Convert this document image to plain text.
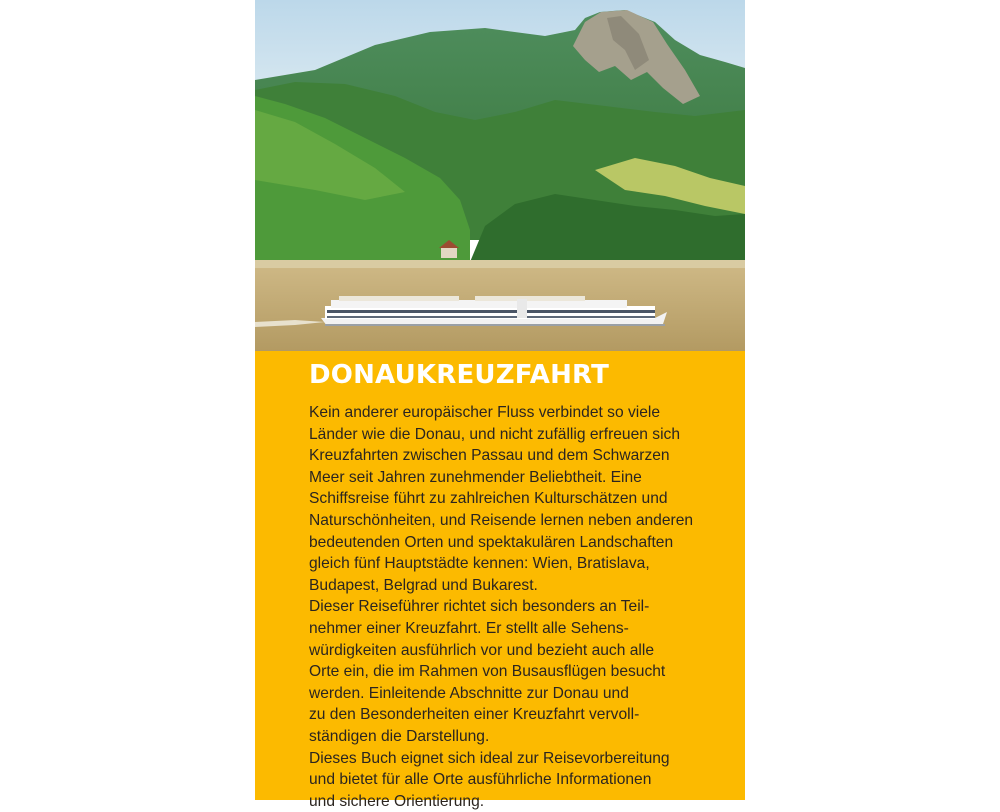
DONAUKREUZFAHRT
Kein anderer europäischer Fluss verbindet so viele
Länder wie die Donau, und nicht zufällig erfreuen sich
Kreuzfahrten zwischen Passau und dem Schwarzen
Meer seit Jahren zunehmender Beliebtheit. Eine
Schiffsreise führt zu zahlreichen Kulturschätzen und
Naturschönheiten, und Reisende lernen neben anderen
bedeutenden Orten und spektakulären Landschaften
gleich fünf Hauptstädte kennen: Wien, Bratislava,
Budapest, Belgrad und Bukarest.
Dieser Reiseführer richtet sich besonders an Teil-
nehmer einer Kreuzfahrt. Er stellt alle Sehens-
würdigkeiten ausführlich vor und bezieht auch alle
Orte ein, die im Rahmen von Busausflügen besucht
werden. Einleitende Abschnitte zur Donau und
zu den Besonderheiten einer Kreuzfahrt vervoll-
ständigen die Darstellung.
Dieses Buch eignet sich ideal zur Reisevorbereitung
und bietet für alle Orte ausführliche Informationen
und sichere Orientierung.
